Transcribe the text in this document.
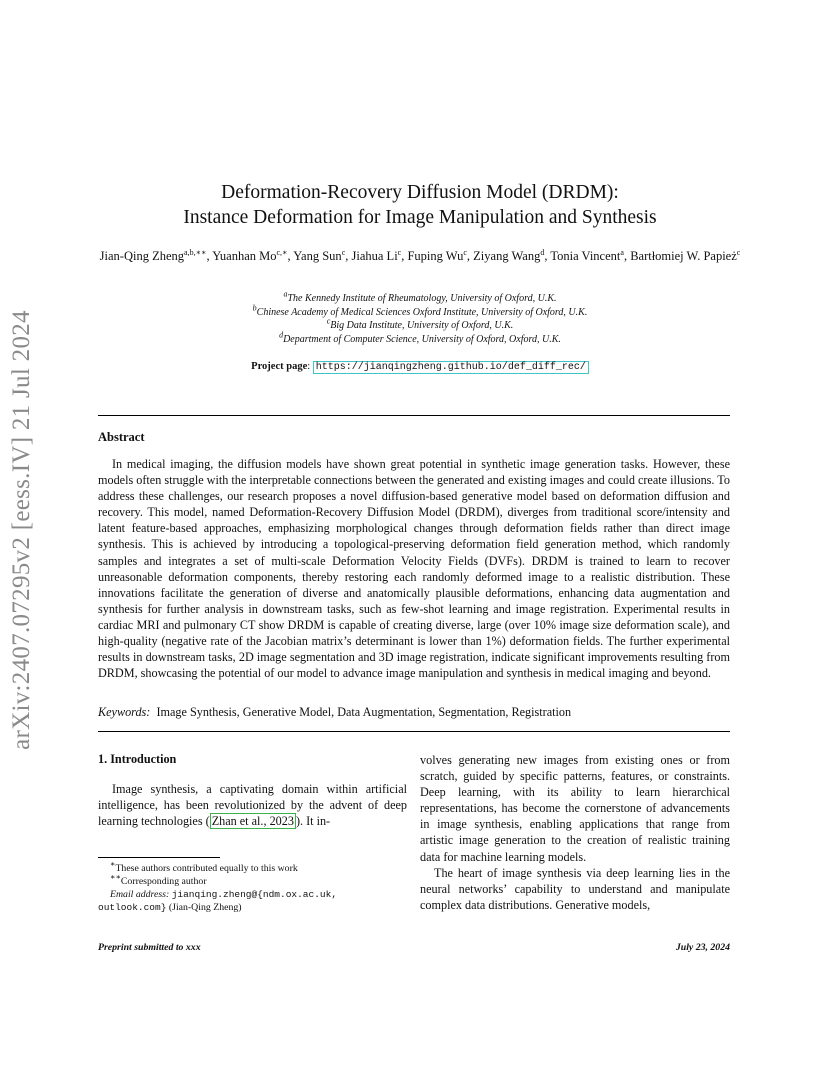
arXiv:2407.07295v2 [eess.IV] 21 Jul 2024
Deformation-Recovery Diffusion Model (DRDM):
Instance Deformation for Image Manipulation and Synthesis
Jian-Qing Zheng$^{a,b,∗∗}$, Yuanhan $Mo^{c,∗}$, Yang Sun$^c$, Jiahua Li$^c$, Fuping Wu$^c$, Ziyang Wang$^d$, Tonia Vincent$^a$, Bartłomiej W. Papież$^c$
$^a$The Kennedy Institute of Rheumatology, University of Oxford, U.K.
$^b$Chinese Academy of Medical Sciences Oxford Institute, University of Oxford, U.K.
$^c$Big Data Institute, University of Oxford, U.K.
$^d$Department of Computer Science, University of Oxford, Oxford, U.K.
Project page: https://jianqingzheng.github.io/def_diff_rec/
Abstract
In medical imaging, the diffusion models have shown great potential in synthetic image generation tasks. However, these models often struggle with the interpretable connections between the generated and existing images and could create illusions. To address these challenges, our research proposes a novel diffusion-based generative model based on deformation diffusion and recovery. This model, named Deformation-Recovery Diffusion Model (DRDM), diverges from traditional score/intensity and latent feature-based approaches, emphasizing morphological changes through deformation fields rather than direct image synthesis. This is achieved by introducing a topological-preserving deformation field generation method, which randomly samples and integrates a set of multi-scale Deformation Velocity Fields (DVFs). DRDM is trained to learn to recover unreasonable deformation components, thereby restoring each randomly deformed image to a realistic distribution. These innovations facilitate the generation of diverse and anatomically plausible deformations, enhancing data augmentation and synthesis for further analysis in downstream tasks, such as few-shot learning and image registration. Experimental results in cardiac MRI and pulmonary CT show DRDM is capable of creating diverse, large (over 10% image size deformation scale), and high-quality (negative rate of the Jacobian matrix’s determinant is lower than 1%) deformation fields. The further experimental results in downstream tasks, 2D image segmentation and 3D image registration, indicate significant improvements resulting from DRDM, showcasing the potential of our model to advance image manipulation and synthesis in medical imaging and beyond.
Keywords: Image Synthesis, Generative Model, Data Augmentation, Segmentation, Registration
1. Introduction
Image synthesis, a captivating domain within artificial intelligence, has been revolutionized by the advent of deep learning technologies ( Zhan et al., 2023 ). It in-

volves generating new images from existing ones or from scratch, guided by specific patterns, features, or constraints. Deep learning, with its ability to learn hierarchical representations, has become the cornerstone of advancements in image synthesis, enabling applications that range from artistic image generation to the creation of realistic training data for machine learning models.

The heart of image synthesis via deep learning lies in the neural networks’ capability to understand and manipulate complex data distributions. Generative models,

∗These authors contributed equally to this work
∗∗Corresponding author
Email address: jianqing.zheng@{ndm.ox.ac.uk, outlook.com} (Jian-Qing Zheng)
Preprint submitted to xxx	July 23, 2024
